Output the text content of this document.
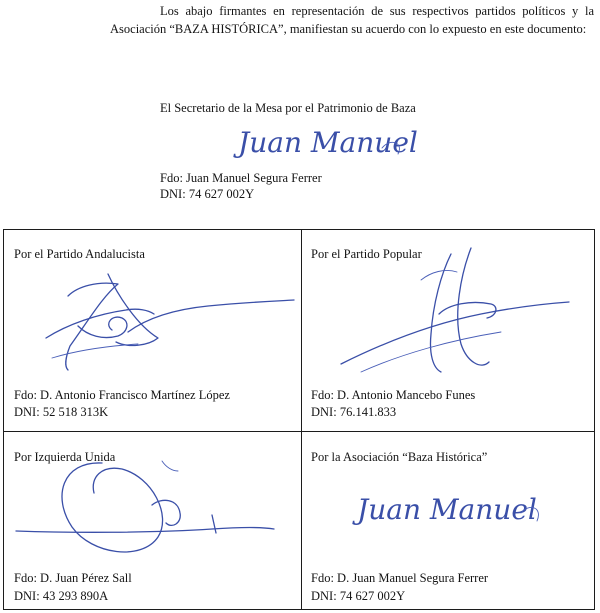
Los abajo firmantes en representación de sus respectivos partidos políticos y la Asociación “BAZA HISTÓRICA”, manifiestan su acuerdo con lo expuesto en este documento:

El Secretario de la Mesa por el Patrimonio de Baza

Juan Manuel

Fdo: Juan Manuel Segura Ferrer

DNI: 74 627 002Y

Por el Partido Andalucista

Fdo: D. Antonio Francisco Martínez López

DNI: 52 518 313K

Por el Partido Popular

Fdo: D. Antonio Mancebo Funes

DNI: 76.141.833

Por Izquierda Unida

Fdo: D. Juan Pérez Sall

DNI: 43 293 890A

Por la Asociación “Baza Histórica”

Juan Manuel

Fdo: D. Juan Manuel Segura Ferrer

DNI: 74 627 002Y
